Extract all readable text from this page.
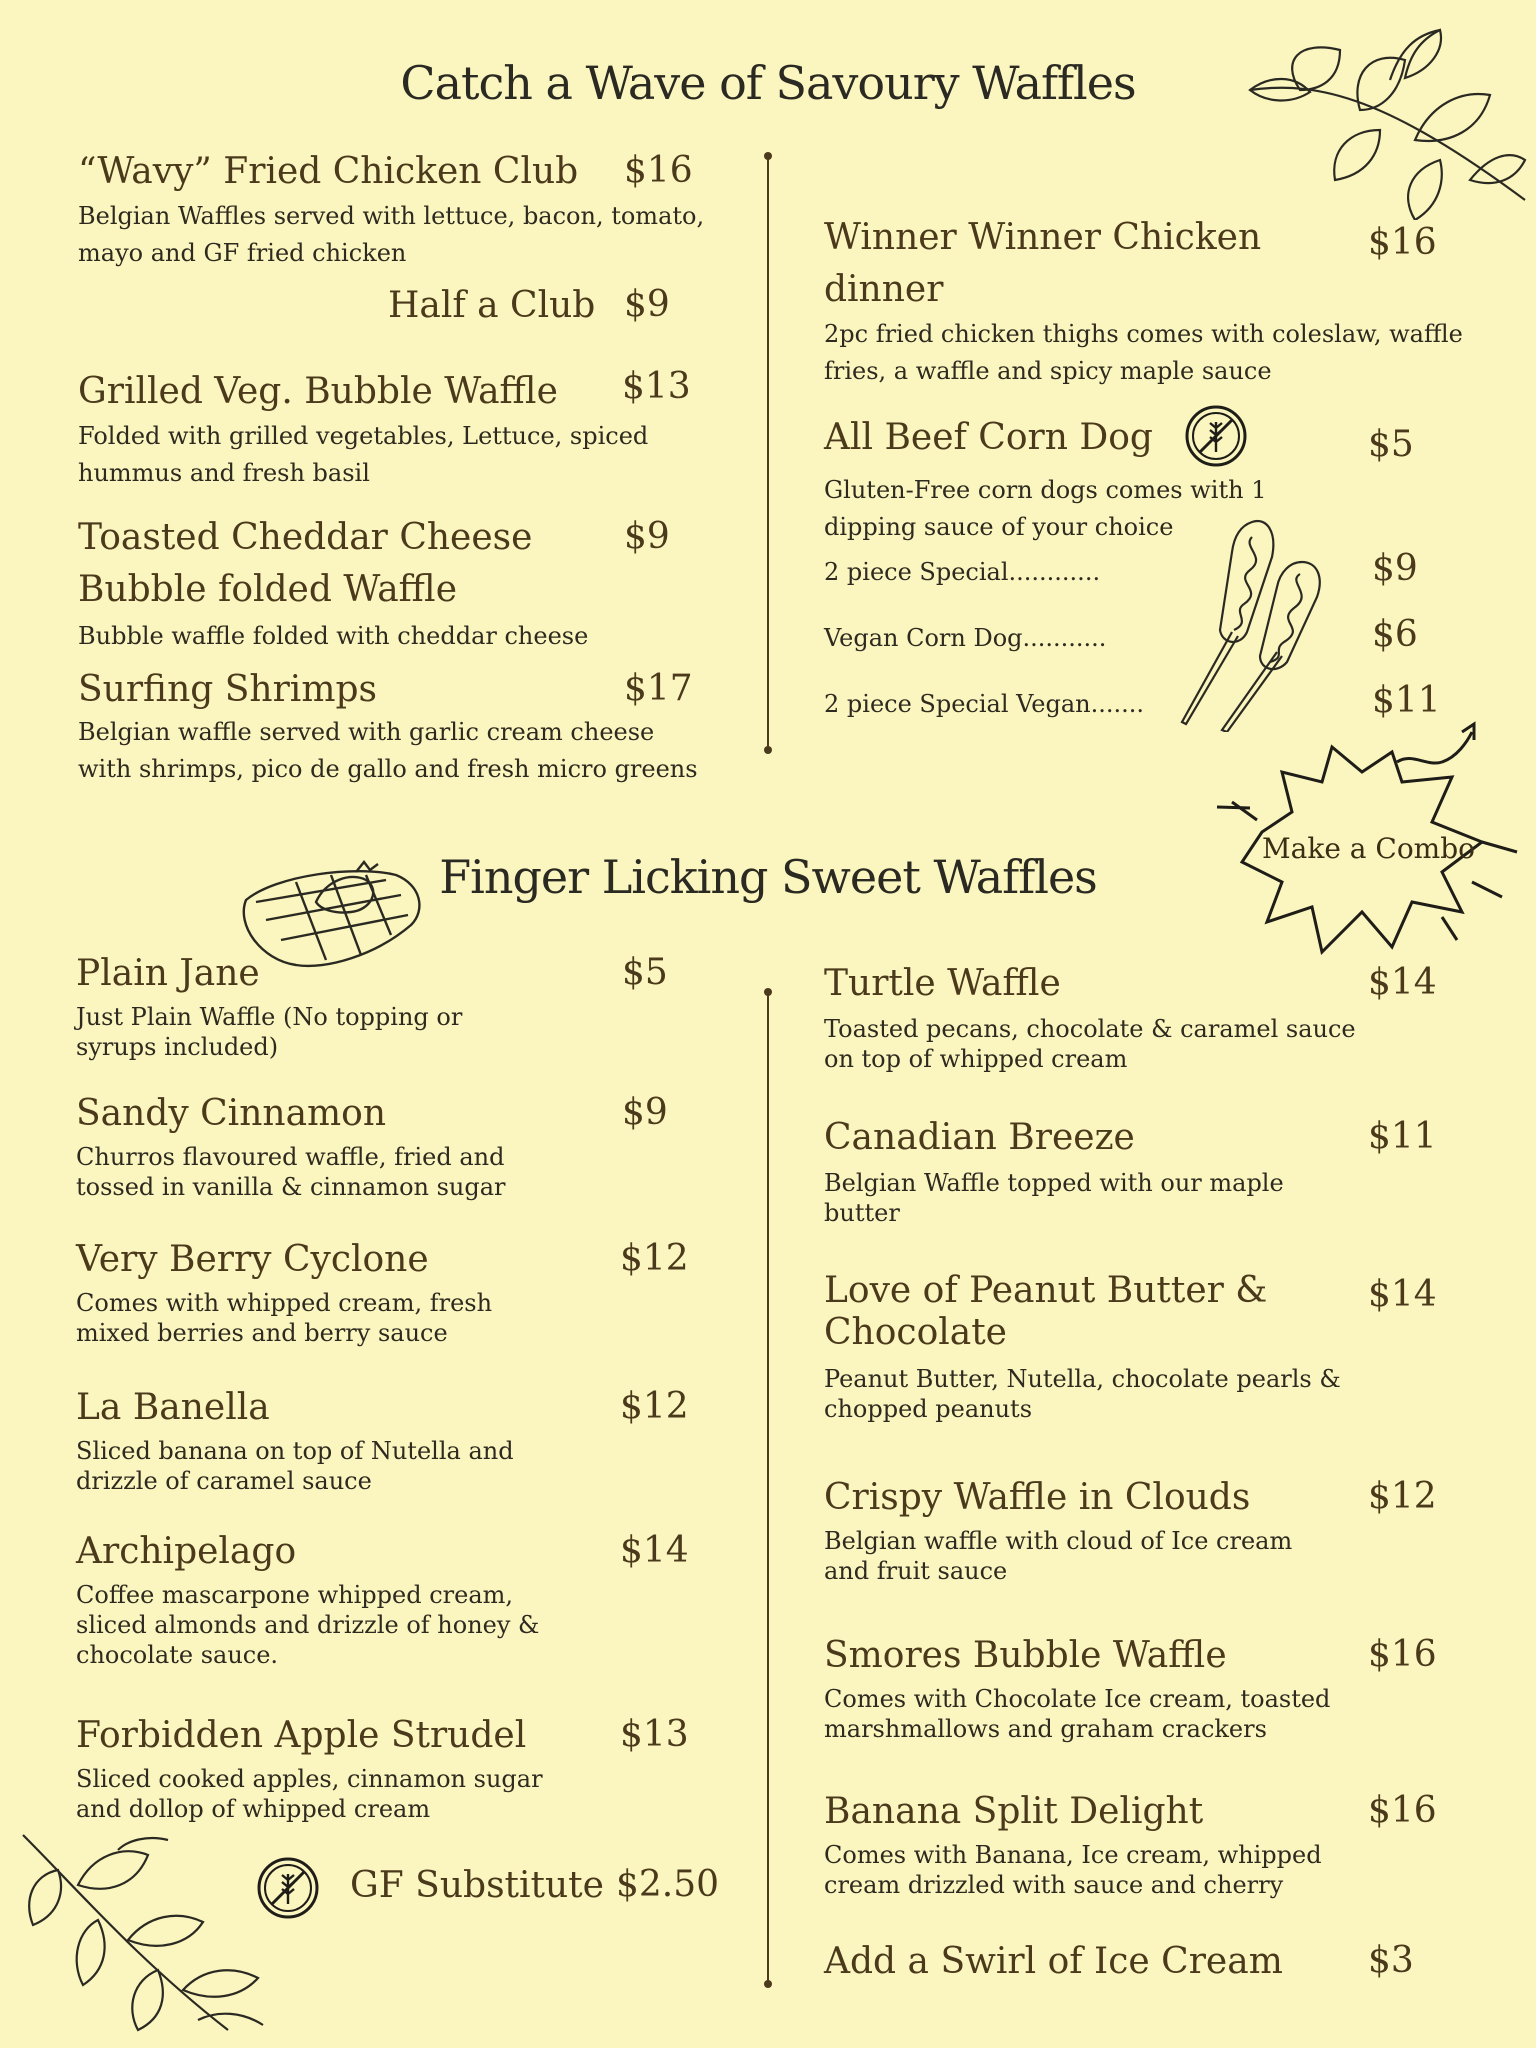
Catch a Wave of Savoury Waffles
“Wavy” Fried Chicken Club $16
Belgian Waffles served with lettuce, bacon, tomato,
mayo and GF fried chicken
Half a Club $9
Grilled Veg. Bubble Waffle $13
Folded with grilled vegetables, Lettuce, spiced
hummus and fresh basil
Toasted Cheddar Cheese
Bubble folded Waffle
$9
Bubble waffle folded with cheddar cheese
Surfing Shrimps	$17
Belgian waffle served with garlic cream cheese
with shrimps, pico de gallo and fresh micro greens
Winner Winner Chicken
dinner
$16
2pc fried chicken thighs comes with coleslaw, waffle
fries, a waffle and spicy maple sauce
All Beef Corn Dog	$5
Gluten-Free corn dogs comes with 1
dipping sauce of your choice
2 piece Special............	$9
Vegan Corn Dog...........	$6
2 piece Special Vegan.......	$11
Make a Combo
Finger Licking Sweet Waffles
Plain Jane	$5
Just Plain Waffle (No topping or
syrups included)
Sandy Cinnamon	$9
Churros flavoured waffle, fried and
tossed in vanilla & cinnamon sugar
Very Berry Cyclone	$12
Comes with whipped cream, fresh
mixed berries and berry sauce
La Banella	$12
Sliced banana on top of Nutella and
drizzle of caramel sauce
Archipelago	$14
Coffee mascarpone whipped cream,
sliced almonds and drizzle of honey &
chocolate sauce.
Forbidden Apple Strudel	$13
Sliced cooked apples, cinnamon sugar
and dollop of whipped cream
GF Substitute $2.50
Turtle Waffle	$14
Toasted pecans, chocolate & caramel sauce
on top of whipped cream
Canadian Breeze	$11
Belgian Waffle topped with our maple
butter
Love of Peanut Butter &
Chocolate
$14
Peanut Butter, Nutella, chocolate pearls &
chopped peanuts
Crispy Waffle in Clouds	$12
Belgian waffle with cloud of Ice cream
and fruit sauce
Smores Bubble Waffle	$16
Comes with Chocolate Ice cream, toasted
marshmallows and graham crackers
Banana Split Delight	$16
Comes with Banana, Ice cream, whipped
cream drizzled with sauce and cherry
Add a Swirl of Ice Cream $3
